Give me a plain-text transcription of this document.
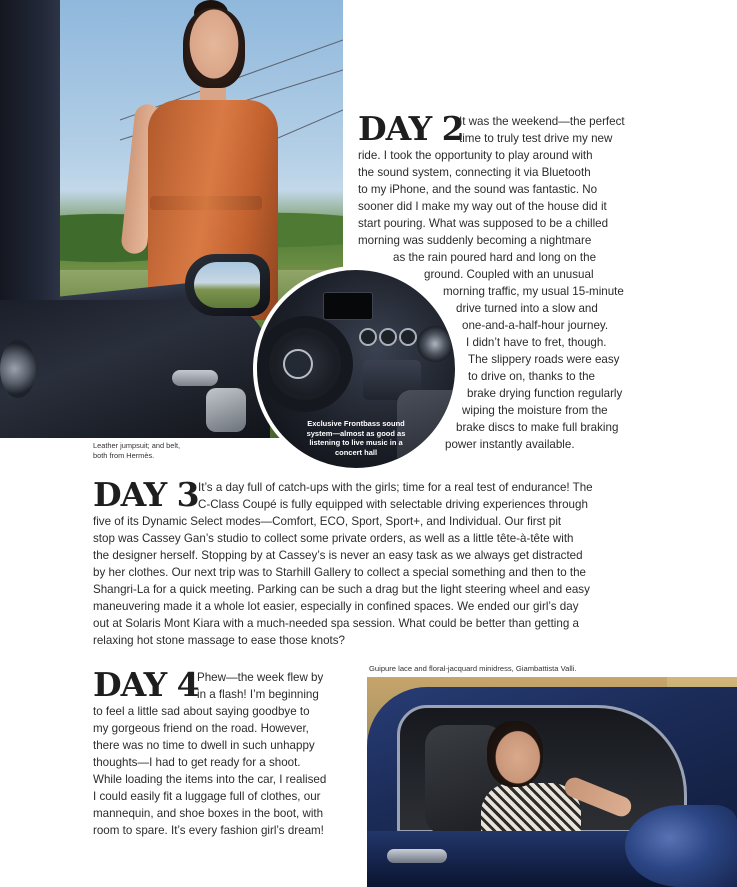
Leather jumpsuit; and belt,
both from Hermès.
Exclusive Frontbass sound
system—almost as good as
listening to live music in a
concert hall
DAY 2
It was the weekend—the perfect
time to truly test drive my new
ride. I took the opportunity to play around with
the sound system, connecting it via Bluetooth
to my iPhone, and the sound was fantastic. No
sooner did I make my way out of the house did it
start pouring. What was supposed to be a chilled
morning was suddenly becoming a nightmare
as the rain poured hard and long on the
ground. Coupled with an unusual
morning traffic, my usual 15-minute
drive turned into a slow and
one-and-a-half-hour journey.
I didn’t have to fret, though.
The slippery roads were easy
to drive on, thanks to the
brake drying function regularly
wiping the moisture from the
brake discs to make full braking
power instantly available.
DAY 3 It’s a day full of catch-ups with the girls; time for a real test of endurance! The
C-Class Coupé is fully equipped with selectable driving experiences through
five of its Dynamic Select modes—Comfort, ECO, Sport, Sport+, and Individual. Our first pit
stop was Cassey Gan’s studio to collect some private orders, as well as a little tête-à-tête with
the designer herself. Stopping by at Cassey’s is never an easy task as we always get distracted
by her clothes. Our next trip was to Starhill Gallery to collect a special something and then to the
Shangri-La for a quick meeting. Parking can be such a drag but the light steering wheel and easy
maneuvering made it a whole lot easier, especially in confined spaces. We ended our girl’s day
out at Solaris Mont Kiara with a much-needed spa session. What could be better than getting a
relaxing hot stone massage to ease those knots?
DAY 4
Phew—the week flew by
in a flash! I’m beginning
to feel a little sad about saying goodbye to
my gorgeous friend on the road. However,
there was no time to dwell in such unhappy
thoughts—I had to get ready for a shoot.
While loading the items into the car, I realised
I could easily fit a luggage full of clothes, our
mannequin, and shoe boxes in the boot, with
room to spare. It’s every fashion girl’s dream!
Guipure lace and floral-jacquard minidress, Giambattista Valli.
